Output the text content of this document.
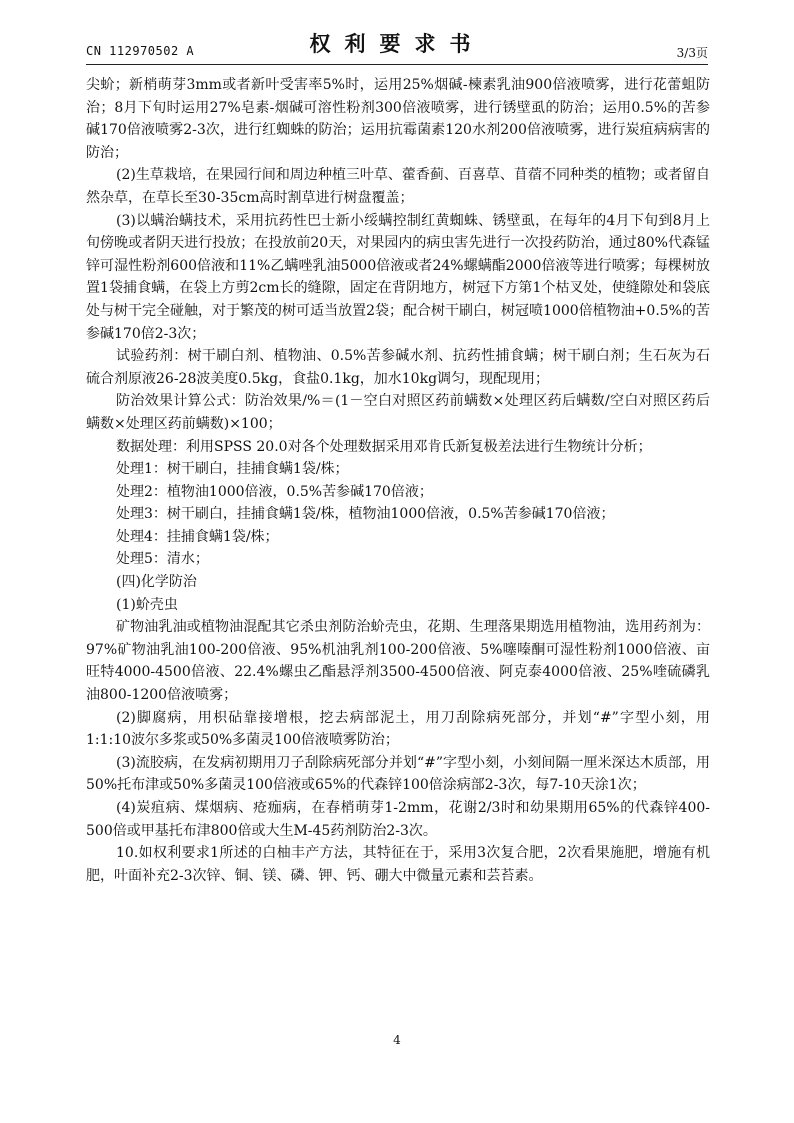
CN 112970502 A	权利要求书	3/3页

尖蚧；新梢萌芽3mm或者新叶受害率5%时，运用25%烟碱-楝素乳油900倍液喷雾，进行花蕾蛆防治；8月下旬时运用27%皂素-烟碱可溶性粉剂300倍液喷雾，进行锈壁虱的防治；运用0.5%的苦参碱170倍液喷雾2-3次，进行红蜘蛛的防治；运用抗霉菌素120水剂200倍液喷雾，进行炭疽病病害的防治；

(2)生草栽培，在果园行间和周边种植三叶草、藿香蓟、百喜草、苜蓿不同种类的植物；或者留自然杂草，在草长至30-35cm高时割草进行树盘覆盖；

(3)以螨治螨技术，采用抗药性巴士新小绥螨控制红黄蜘蛛、锈壁虱，在每年的4月下旬到8月上旬傍晚或者阴天进行投放；在投放前20天，对果园内的病虫害先进行一次投药防治，通过80%代森锰锌可湿性粉剂600倍液和11%乙螨唑乳油5000倍液或者24%螺螨酯2000倍液等进行喷雾；每棵树放置1袋捕食螨，在袋上方剪2cm长的缝隙，固定在背阴地方，树冠下方第1个枯叉处，使缝隙处和袋底处与树干完全碰触，对于繁茂的树可适当放置2袋；配合树干刷白，树冠喷1000倍植物油+0.5%的苦参碱170倍2-3次；

试验药剂：树干刷白剂、植物油、0.5%苦参碱水剂、抗药性捕食螨；树干刷白剂；生石灰为石硫合剂原液26-28波美度0.5kg，食盐0.1kg，加水10kg调匀，现配现用；

防治效果计算公式：防治效果/%＝(1－空白对照区药前螨数×处理区药后螨数/空白对照区药后螨数×处理区药前螨数)×100；

数据处理：利用SPSS 20.0对各个处理数据采用邓肯氏新复极差法进行生物统计分析；

处理1：树干刷白，挂捕食螨1袋/株；

处理2：植物油1000倍液，0.5%苦参碱170倍液；

处理3：树干刷白，挂捕食螨1袋/株，植物油1000倍液，0.5%苦参碱170倍液；

处理4：挂捕食螨1袋/株；

处理5：清水；

(四)化学防治

(1)蚧壳虫

矿物油乳油或植物油混配其它杀虫剂防治蚧壳虫，花期、生理落果期选用植物油，选用药剂为：97%矿物油乳油100-200倍液、95%机油乳剂100-200倍液、5%噻嗪酮可湿性粉剂1000倍液、亩旺特4000-4500倍液、22.4%螺虫乙酯悬浮剂3500-4500倍液、阿克泰4000倍液、25%喹硫磷乳油800-1200倍液喷雾；

(2)脚腐病，用枳砧靠接增根，挖去病部泥土，用刀刮除病死部分，并划“#”字型小刻，用1:1:10波尔多浆或50%多菌灵100倍液喷雾防治；

(3)流胶病，在发病初期用刀子刮除病死部分并划“#”字型小刻，小刻间隔一厘米深达木质部，用50%托布津或50%多菌灵100倍液或65%的代森锌100倍涂病部2-3次，每7-10天涂1次；

(4)炭疽病、煤烟病、疮痂病，在春梢萌芽1-2mm，花谢2/3时和幼果期用65%的代森锌400-500倍或甲基托布津800倍或大生M-45药剂防治2-3次。

10.如权利要求1所述的白柚丰产方法，其特征在于，采用3次复合肥，2次看果施肥，增施有机肥，叶面补充2-3次锌、铜、镁、磷、钾、钙、硼大中微量元素和芸苔素。

4
